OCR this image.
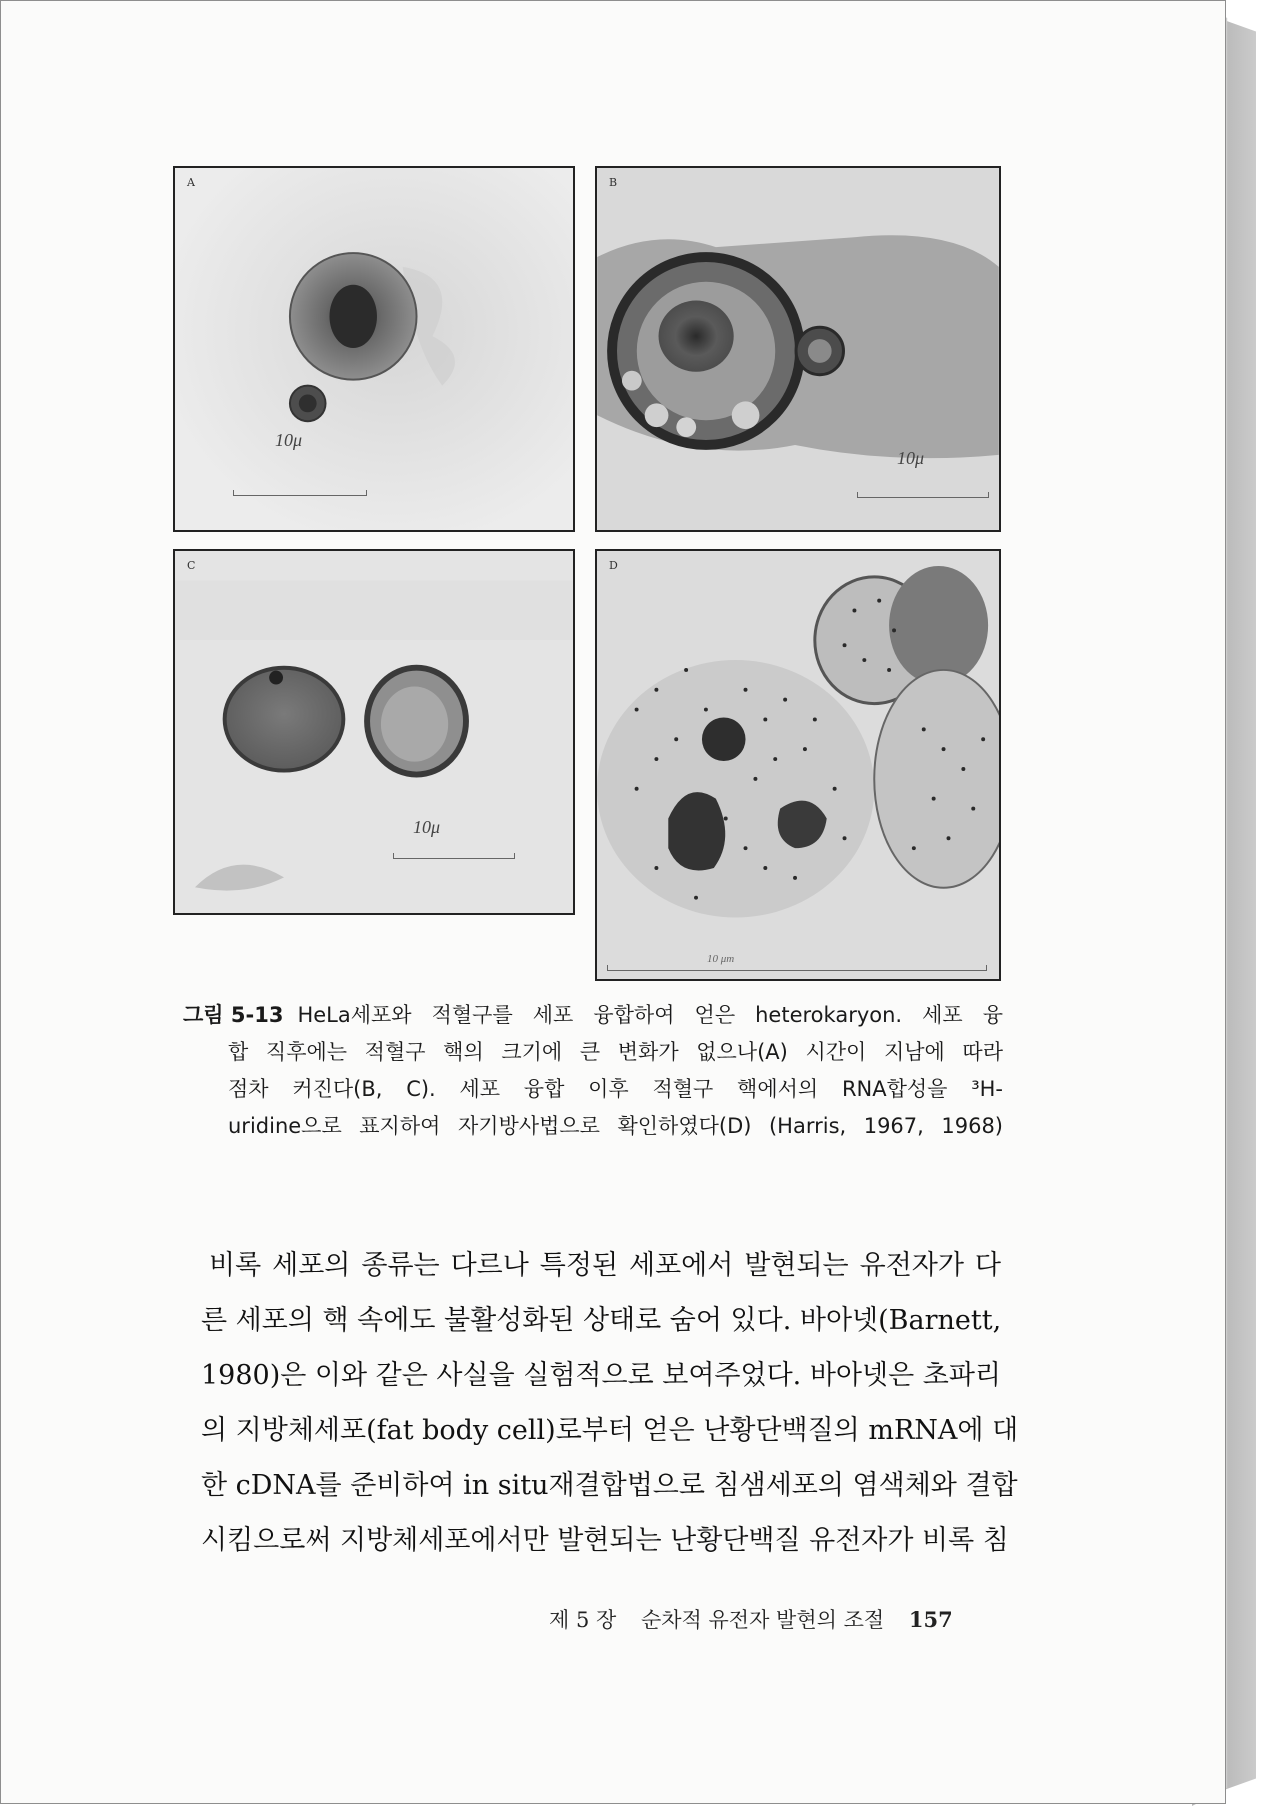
A
10μ
B
10μ
C
10μ
D
10 μm
그림 5-13 HeLa세포와 적혈구를 세포 융합하여 얻은 heterokaryon. 세포 융
합 직후에는 적혈구 핵의 크기에 큰 변화가 없으나(A) 시간이 지남에 따라
점차 커진다(B, C). 세포 융합 이후 적혈구 핵에서의 RNA합성을 ³H-
uridine으로 표지하여 자기방사법으로 확인하였다(D) (Harris, 1967, 1968)
비록 세포의 종류는 다르나 특정된 세포에서 발현되는 유전자가 다
른 세포의 핵 속에도 불활성화된 상태로 숨어 있다. 바아넷(Barnett,
1980)은 이와 같은 사실을 실험적으로 보여주었다. 바아넷은 초파리
의 지방체세포(fat body cell)로부터 얻은 난황단백질의 mRNA에 대
한 cDNA를 준비하여 in situ재결합법으로 침샘세포의 염색체와 결합
시킴으로써 지방체세포에서만 발현되는 난황단백질 유전자가 비록 침
제 5 장 순차적 유전자 발현의 조절 157
